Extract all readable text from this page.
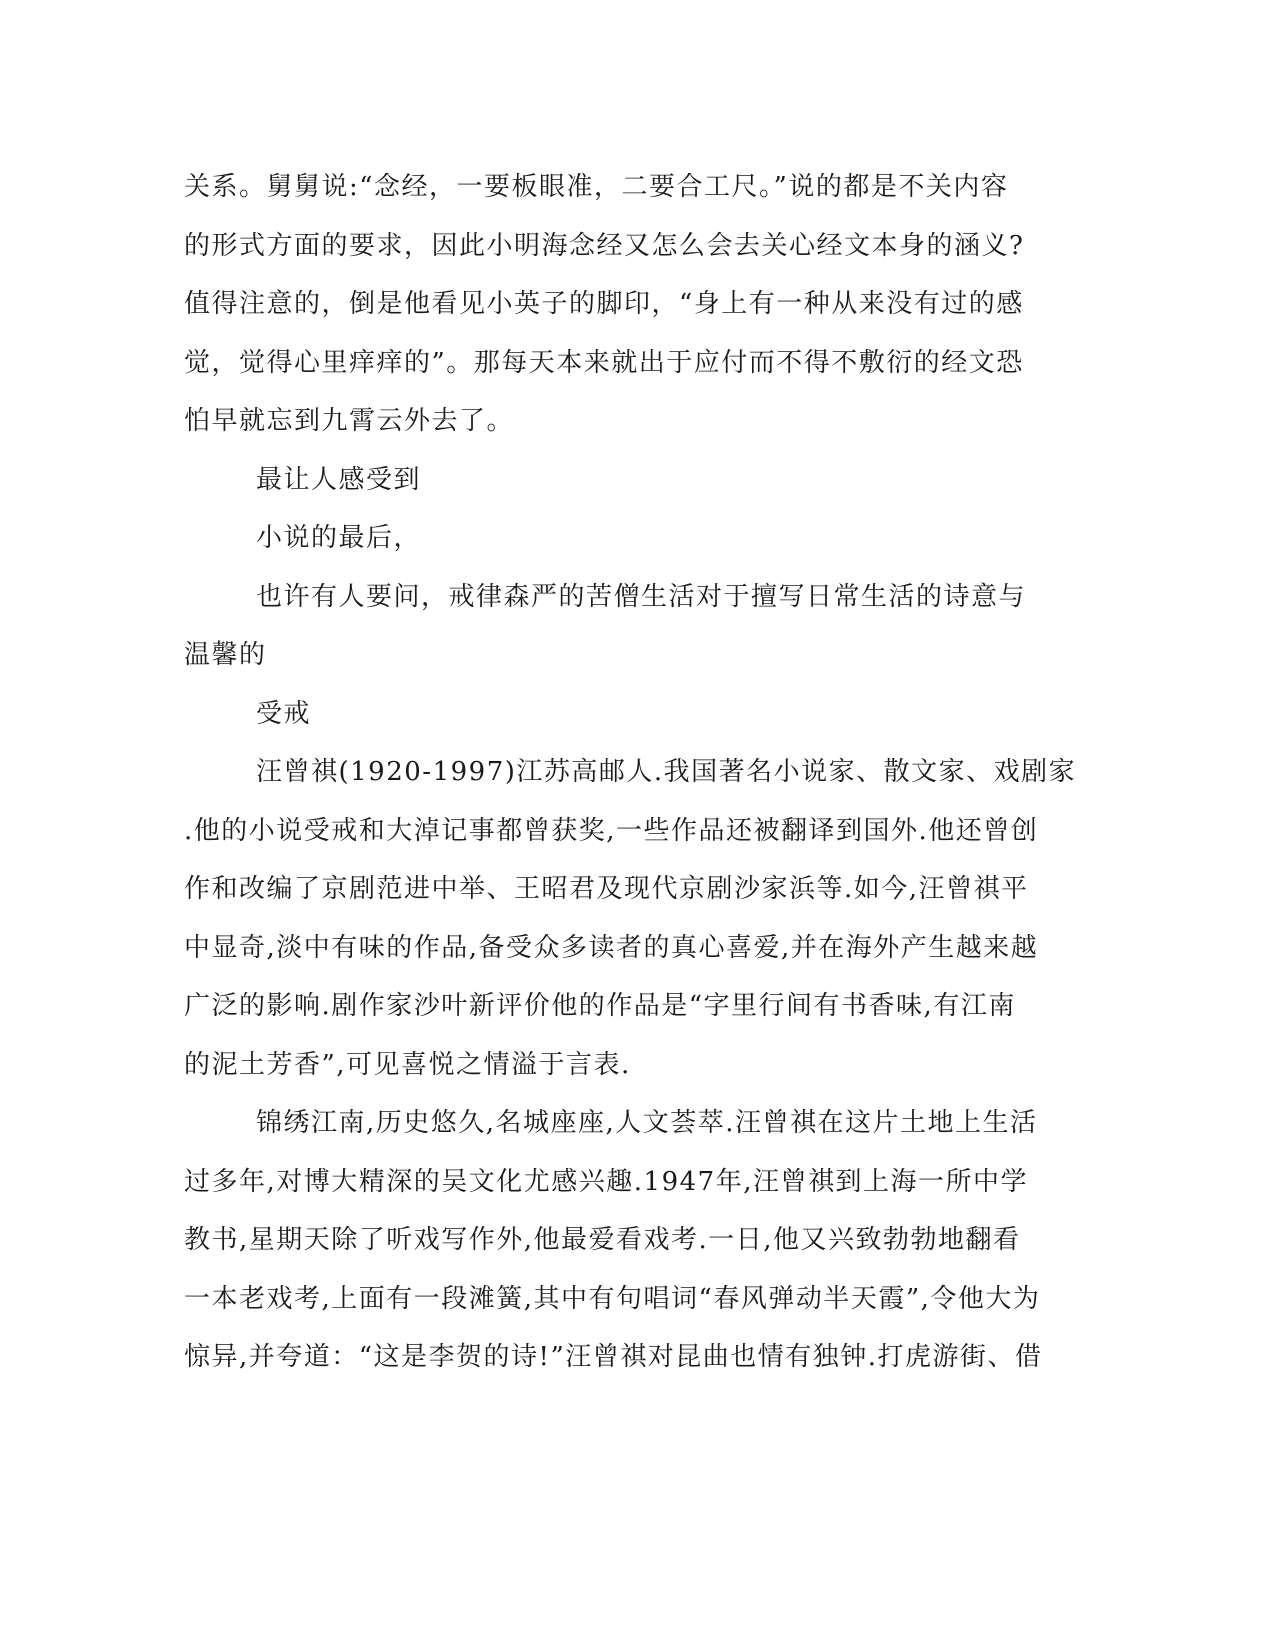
关系。舅舅说:“念经，一要板眼准，二要合工尺。”说的都是不关内容
的形式方面的要求，因此小明海念经又怎么会去关心经文本身的涵义?
值得注意的，倒是他看见小英子的脚印，“身上有一种从来没有过的感
觉，觉得心里痒痒的”。那每天本来就出于应付而不得不敷衍的经文恐
怕早就忘到九霄云外去了。
最让人感受到
小说的最后，
也许有人要问，戒律森严的苦僧生活对于擅写日常生活的诗意与
温馨的
受戒
汪曾祺(1920-1997)江苏高邮人.我国著名小说家、散文家、戏剧家
.他的小说受戒和大淖记事都曾获奖,一些作品还被翻译到国外.他还曾创
作和改编了京剧范进中举、王昭君及现代京剧沙家浜等.如今,汪曾祺平
中显奇,淡中有味的作品,备受众多读者的真心喜爱,并在海外产生越来越
广泛的影响.剧作家沙叶新评价他的作品是“字里行间有书香味,有江南
的泥土芳香”,可见喜悦之情溢于言表.
锦绣江南,历史悠久,名城座座,人文荟萃.汪曾祺在这片土地上生活
过多年,对博大精深的吴文化尤感兴趣.1947年,汪曾祺到上海一所中学
教书,星期天除了听戏写作外,他最爱看戏考.一日,他又兴致勃勃地翻看
一本老戏考,上面有一段滩簧,其中有句唱词“春风弹动半天霞”,令他大为
惊异,并夸道：“这是李贺的诗!”汪曾祺对昆曲也情有独钟.打虎游街、借
